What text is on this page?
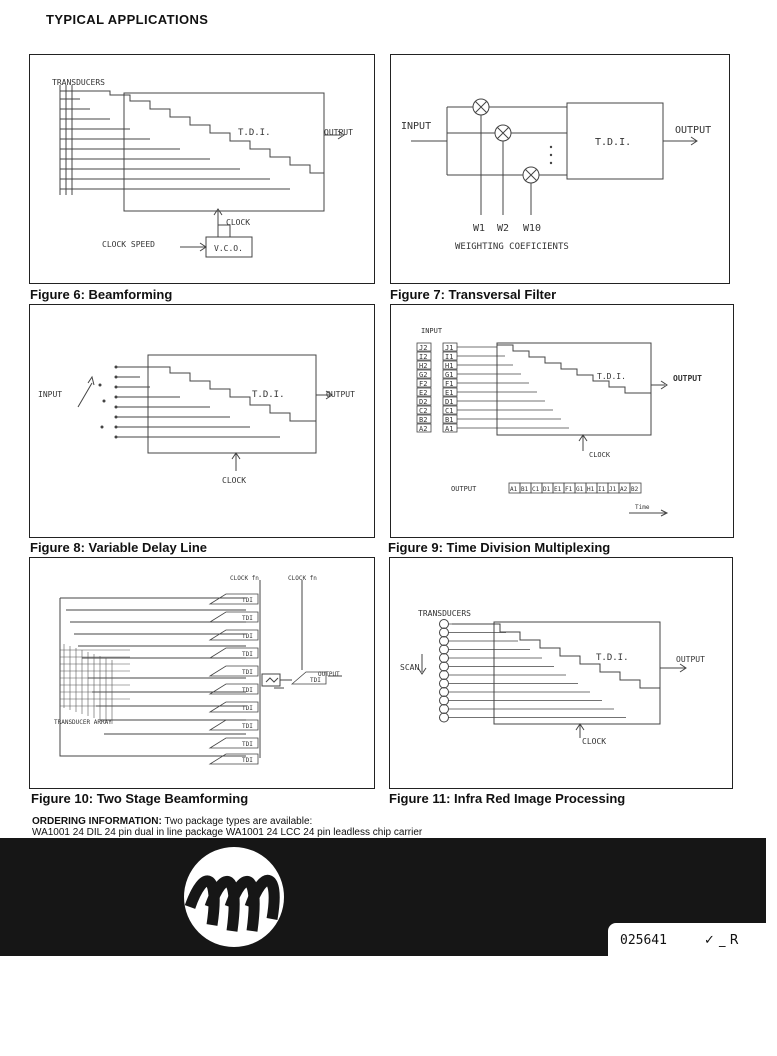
TYPICAL APPLICATIONS
TRANSDUCERS
T.D.I.	OUTPUT
CLOCK
CLOCK SPEED	V.C.O.
Figure 6: Beamforming
INPUT
T.D.I.
OUTPUT
W1 W2 W10
WEIGHTING COEFICIENTS
Figure 7: Transversal Filter
INPUT	T.D.I.	OUTPUT
CLOCK
Figure 8: Variable Delay Line
J2
I2
H2
G2
F2
E2
D2
C2
B2
A2
J1
I1
H1
G1
F1
E1
D1
C1
B1
A1
A1 B1 C1 D1 E1 F1 G1 H1 I1 J1 A2 B2
INPUT
T.D.I.	OUTPUT
CLOCK
OUTPUT
Time
Figure 9: Time Division Multiplexing
TDI
TDI
TDI
TDI
TDI
TDI
TDI
TDI
TDI
TDI
TDI
CLOCK fn	CLOCK fn
OUTPUT
TRANSDUCER ARRAY
Figure 10: Two Stage Beamforming
TRANSDUCERS
SCAN
T.D.I.	OUTPUT
CLOCK
Figure 11: Infra Red Image Processing
ORDERING INFORMATION: Two package types are available:
WA1001 24 DIL 24 pin dual in line package WA1001 24 LCC 24 pin leadless chip carrier
025641	✓ _ R
